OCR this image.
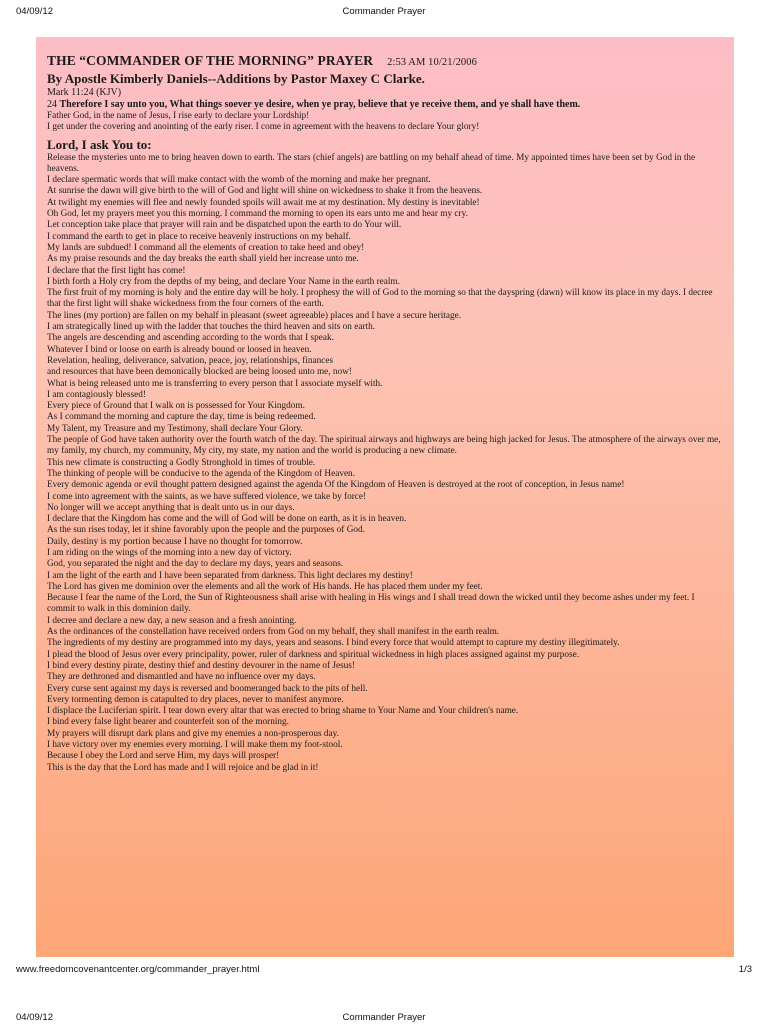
04/09/12	Commander Prayer
THE “COMMANDER OF THE MORNING” PRAYER 2:53 AM 10/21/2006
By Apostle Kimberly Daniels--Additions by Pastor Maxey C Clarke.
Mark 11:24 (KJV)
24 Therefore I say unto you, What things soever ye desire, when ye pray, believe that ye receive them, and ye shall have them.
Father God, in the name of Jesus, I rise early to declare your Lordship!
I get under the covering and anointing of the early riser. I come in agreement with the heavens to declare Your glory!
Lord, I ask You to:
Release the mysteries unto me to bring heaven down to earth. The stars (chief angels) are battling on my behalf ahead of time. My appointed times have been set by God in the heavens.
I declare spermatic words that will make contact with the womb of the morning and make her pregnant.
At sunrise the dawn will give birth to the will of God and light will shine on wickedness to shake it from the heavens.
At twilight my enemies will flee and newly founded spoils will await me at my destination. My destiny is inevitable!
Oh God, let my prayers meet you this morning. I command the morning to open its ears unto me and hear my cry.
Let conception take place that prayer will rain and be dispatched upon the earth to do Your will.
I command the earth to get in place to receive heavenly instructions on my behalf.
My lands are subdued! I command all the elements of creation to take heed and obey!
As my praise resounds and the day breaks the earth shall yield her increase unto me.
I declare that the first light has come!
I birth forth a Holy cry from the depths of my being, and declare Your Name in the earth realm.
The first fruit of my morning is holy and the entire day will be holy. I prophesy the will of God to the morning so that the dayspring (dawn) will know its place in my days. I decree that the first light will shake wickedness from the four corners of the earth.
The lines (my portion) are fallen on my behalf in pleasant (sweet agreeable) places and I have a secure heritage.
I am strategically lined up with the ladder that touches the third heaven and sits on earth.
The angels are descending and ascending according to the words that I speak.
Whatever I bind or loose on earth is already bound or loosed in heaven.
Revelation, healing, deliverance, salvation, peace, joy, relationships, finances
and resources that have been demonically blocked are being loosed unto me, now!
What is being released unto me is transferring to every person that I associate myself with.
I am contagiously blessed!
Every piece of Ground that I walk on is possessed for Your Kingdom.
As I command the morning and capture the day, time is being redeemed.
My Talent, my Treasure and my Testimony, shall declare Your Glory.
The people of God have taken authority over the fourth watch of the day. The spiritual airways and highways are being high jacked for Jesus. The atmosphere of the airways over me, my family, my church, my community, My city, my state, my nation and the world is producing a new climate.
This new climate is constructing a Godly Stronghold in times of trouble.
The thinking of people will be conducive to the agenda of the Kingdom of Heaven.
Every demonic agenda or evil thought pattern designed against the agenda Of the Kingdom of Heaven is destroyed at the root of conception, in Jesus name!
I come into agreement with the saints, as we have suffered violence, we take by force!
No longer will we accept anything that is dealt unto us in our days.
I declare that the Kingdom has come and the will of God will be done on earth, as it is in heaven.
As the sun rises today, let it shine favorably upon the people and the purposes of God.
Daily, destiny is my portion because I have no thought for tomorrow.
I am riding on the wings of the morning into a new day of victory.
God, you separated the night and the day to declare my days, years and seasons.
I am the light of the earth and I have been separated from darkness. This light declares my destiny!
The Lord has given me dominion over the elements and all the work of His hands. He has placed them under my feet.
Because I fear the name of the Lord, the Sun of Righteousness shall arise with healing in His wings and I shall tread down the wicked until they become ashes under my feet. I commit to walk in this dominion daily.
I decree and declare a new day, a new season and a fresh anointing.
As the ordinances of the constellation have received orders from God on my behalf, they shall manifest in the earth realm.
The ingredients of my destiny are programmed into my days, years and seasons. I bind every force that would attempt to capture my destiny illegitimately.
I plead the blood of Jesus over every principality, power, ruler of darkness and spiritual wickedness in high places assigned against my purpose.
I bind every destiny pirate, destiny thief and destiny devourer in the name of Jesus!
They are dethroned and dismantled and have no influence over my days.
Every curse sent against my days is reversed and boomeranged back to the pits of hell.
Every tormenting demon is catapulted to dry places, never to manifest anymore.
I displace the Luciferian spirit. I tear down every altar that was erected to bring shame to Your Name and Your children's name.
I bind every false light bearer and counterfeit son of the morning.
My prayers will disrupt dark plans and give my enemies a non-prosperous day.
I have victory over my enemies every morning. I will make them my foot-stool.
Because I obey the Lord and serve Him, my days will prosper!
This is the day that the Lord has made and I will rejoice and be glad in it!
www.freedomcovenantcenter.org/commander_prayer.html	1/3
04/09/12	Commander Prayer
